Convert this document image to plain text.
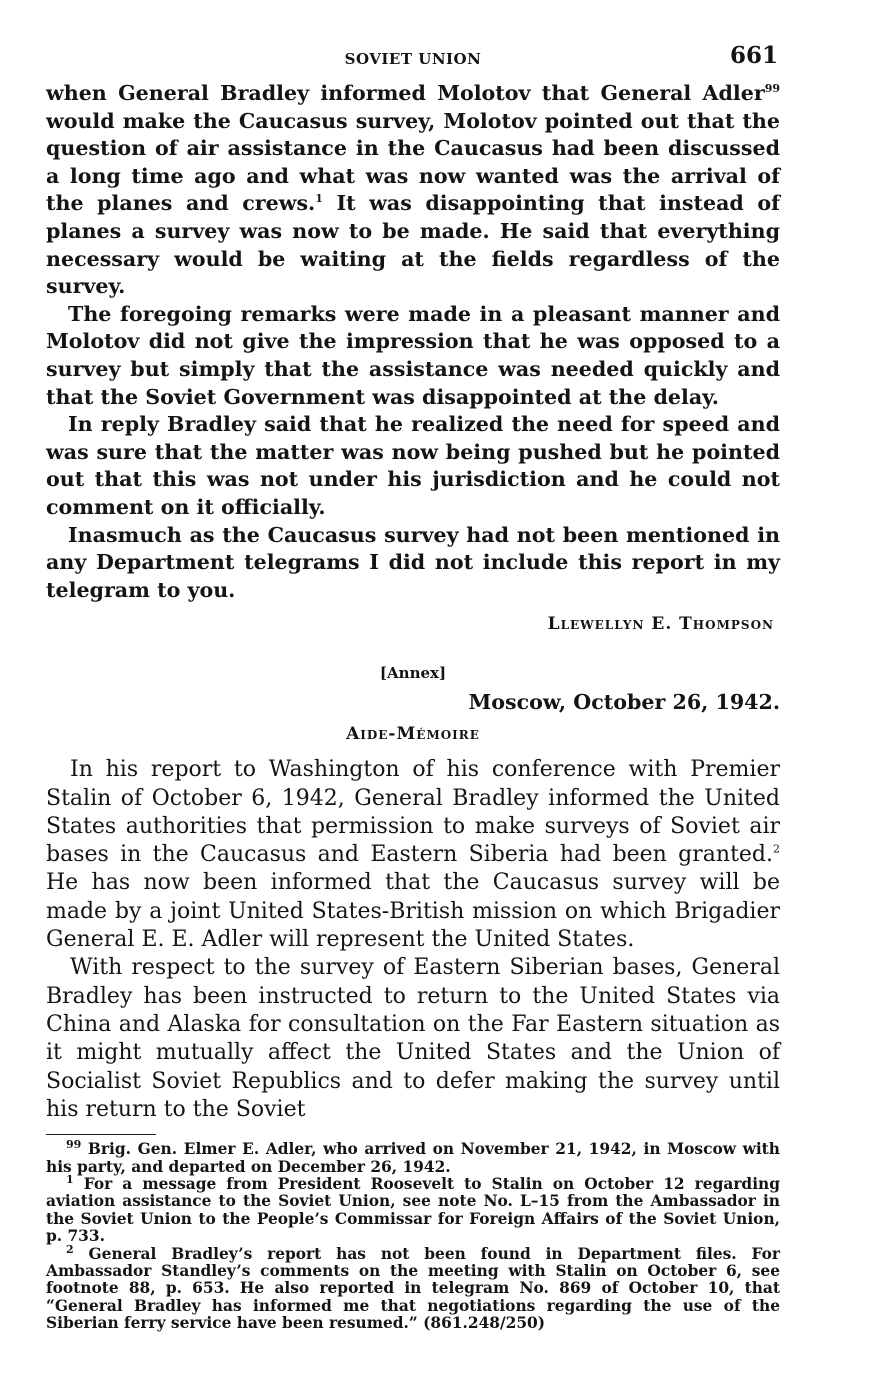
SOVIET UNION	661

when General Bradley informed Molotov that General Adler$^{99}$ would make the Caucasus survey, Molotov pointed out that the question of air assistance in the Caucasus had been discussed a long time ago and what was now wanted was the arrival of the planes and crews.$^1$ It was disappointing that instead of planes a survey was now to be made. He said that everything necessary would be waiting at the fields regardless of the survey.

The foregoing remarks were made in a pleasant manner and Molotov did not give the impression that he was opposed to a survey but simply that the assistance was needed quickly and that the Soviet Government was disappointed at the delay.

In reply Bradley said that he realized the need for speed and was sure that the matter was now being pushed but he pointed out that this was not under his jurisdiction and he could not comment on it officially.

Inasmuch as the Caucasus survey had not been mentioned in any Department telegrams I did not include this report in my telegram to you.

Llewellyn E. Thompson
[Annex]
Moscow, October 26, 1942.
Aide-Mémoire

In his report to Washington of his conference with Premier Stalin of October 6, 1942, General Bradley informed the United States authorities that permission to make surveys of Soviet air bases in the Caucasus and Eastern Siberia had been granted.$^2$ He has now been informed that the Caucasus survey will be made by a joint United States-British mission on which Brigadier General E. E. Adler will represent the United States.

With respect to the survey of Eastern Siberian bases, General Bradley has been instructed to return to the United States via China and Alaska for consultation on the Far Eastern situation as it might mutually affect the United States and the Union of Socialist Soviet Republics and to defer making the survey until his return to the Soviet

$^{99}$ Brig. Gen. Elmer E. Adler, who arrived on November 21, 1942, in Moscow with his party, and departed on December 26, 1942.

$^1$ For a message from President Roosevelt to Stalin on October 12 regarding aviation assistance to the Soviet Union, see note No. L–15 from the Ambassador in the Soviet Union to the People’s Commissar for Foreign Affairs of the Soviet Union, p. 733.

$^2$ General Bradley’s report has not been found in Department files. For Ambassador Standley’s comments on the meeting with Stalin on October 6, see footnote 88, p. 653. He also reported in telegram No. 869 of October 10, that “General Bradley has informed me that negotiations regarding the use of the Siberian ferry service have been resumed.” (861.248/250)
